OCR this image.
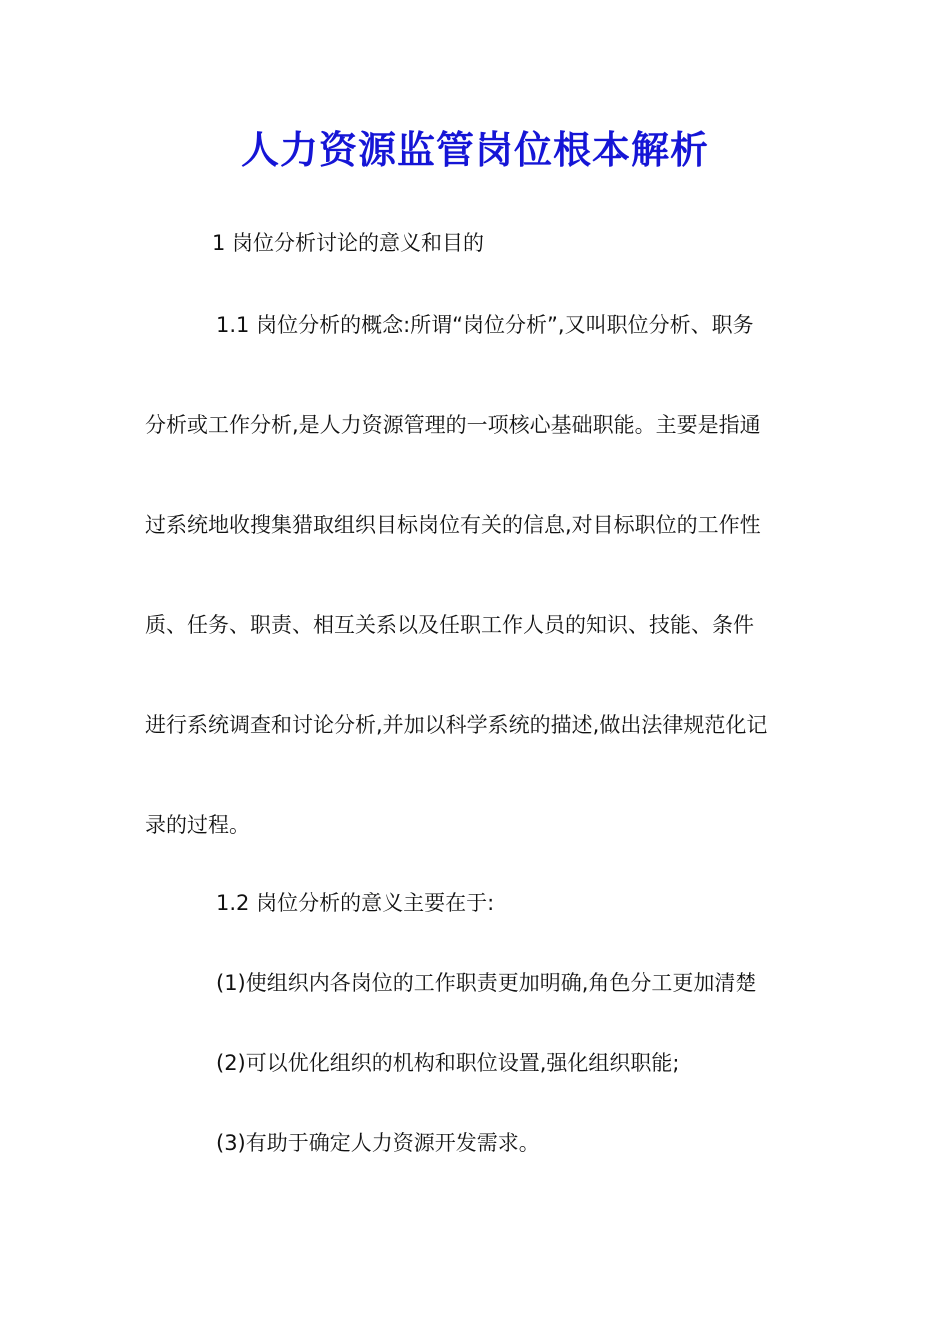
人力资源监管岗位根本解析
1 岗位分析讨论的意义和目的
1.1 岗位分析的概念:所谓“岗位分析”,又叫职位分析、职务
分析或工作分析,是人力资源管理的一项核心基础职能。主要是指通
过系统地收搜集猎取组织目标岗位有关的信息,对目标职位的工作性
质、任务、职责、相互关系以及任职工作人员的知识、技能、条件
进行系统调查和讨论分析,并加以科学系统的描述,做出法律规范化记
录的过程。
1.2 岗位分析的意义主要在于:
(1)使组织内各岗位的工作职责更加明确,角色分工更加清楚
(2)可以优化组织的机构和职位设置,强化组织职能;
(3)有助于确定人力资源开发需求。
